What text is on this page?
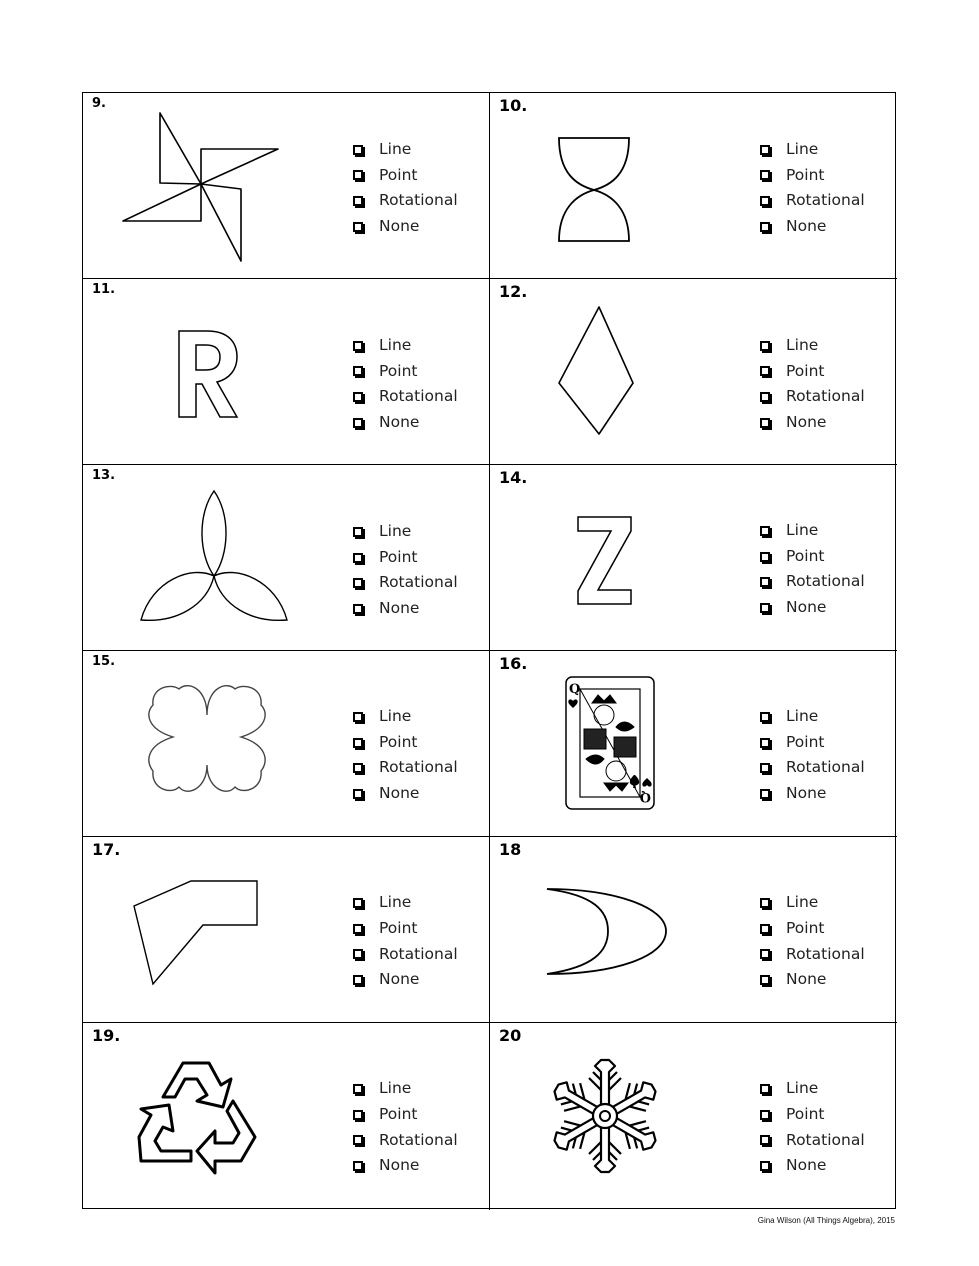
9.
Line
Point
Rotational
None
10.
Line
Point
Rotational
None
11.
Line
Point
Rotational
None
12.
Line
Point
Rotational
None
13.
Line
Point
Rotational
None
14.
Line
Point
Rotational
None
15.
Line
Point
Rotational
None
16.
Q
Q
Line
Point
Rotational
None
17.
Line
Point
Rotational
None
18
Line
Point
Rotational
None
19.
Line
Point
Rotational
None
20
Line
Point
Rotational
None
Gina Wilson (All Things Algebra), 2015
